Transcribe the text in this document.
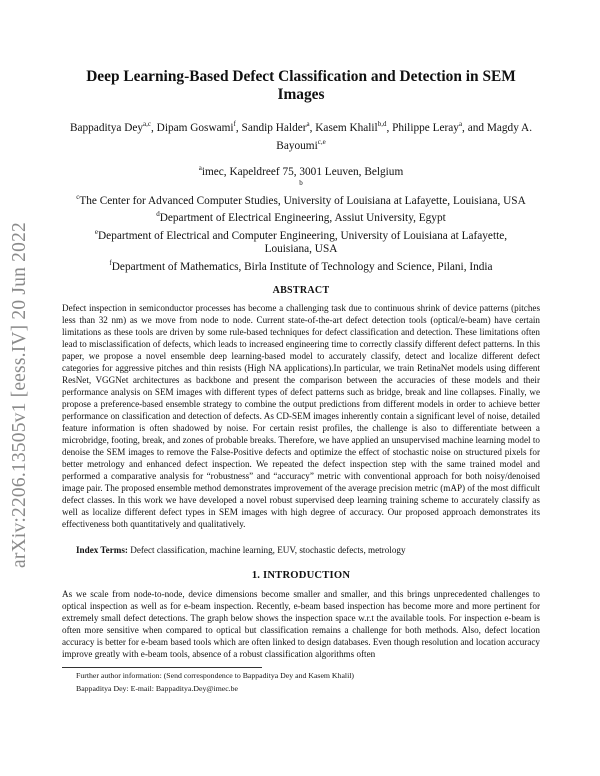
arXiv:2206.13505v1 [eess.IV] 20 Jun 2022
Deep Learning-Based Defect Classification and Detection in SEM Images
Bappaditya Dey$^{a,c}$, Dipam Goswami$^f$, Sandip Halder$^a$, Kasem Khalil$^{b,d}$, Philippe Leray$^a$, and Magdy A. Bayoumi$^{c,e}$
$^a$imec, Kapeldreef 75, 3001 Leuven, Belgium
b
$^c$The Center for Advanced Computer Studies, University of Louisiana at Lafayette, Louisiana, USA
$^d$Department of Electrical Engineering, Assiut University, Egypt
$^e$Department of Electrical and Computer Engineering, University of Louisiana at Lafayette, Louisiana, USA
$^f$Department of Mathematics, Birla Institute of Technology and Science, Pilani, India
ABSTRACT
Defect inspection in semiconductor processes has become a challenging task due to continuous shrink of device patterns (pitches less than 32 nm) as we move from node to node. Current state-of-the-art defect detection tools (optical/e-beam) have certain limitations as these tools are driven by some rule-based techniques for defect classification and detection. These limitations often lead to misclassification of defects, which leads to increased engineering time to correctly classify different defect patterns. In this paper, we propose a novel ensemble deep learning-based model to accurately classify, detect and localize different defect categories for aggressive pitches and thin resists (High NA applications).In particular, we train RetinaNet models using different ResNet, VGGNet architectures as backbone and present the comparison between the accuracies of these models and their performance analysis on SEM images with different types of defect patterns such as bridge, break and line collapses. Finally, we propose a preference-based ensemble strategy to combine the output predictions from different models in order to achieve better performance on classification and detection of defects. As CD-SEM images inherently contain a significant level of noise, detailed feature information is often shadowed by noise. For certain resist profiles, the challenge is also to differentiate between a microbridge, footing, break, and zones of probable breaks. Therefore, we have applied an unsupervised machine learning model to denoise the SEM images to remove the False-Positive defects and optimize the effect of stochastic noise on structured pixels for better metrology and enhanced defect inspection. We repeated the defect inspection step with the same trained model and performed a comparative analysis for “robustness” and “accuracy” metric with conventional approach for both noisy/denoised image pair. The proposed ensemble method demonstrates improvement of the average precision metric (mAP) of the most difficult defect classes. In this work we have developed a novel robust supervised deep learning training scheme to accurately classify as well as localize different defect types in SEM images with high degree of accuracy. Our proposed approach demonstrates its effectiveness both quantitatively and qualitatively.
Index Terms: Defect classification, machine learning, EUV, stochastic defects, metrology
1. INTRODUCTION
As we scale from node-to-node, device dimensions become smaller and smaller, and this brings unprecedented challenges to optical inspection as well as for e-beam inspection. Recently, e-beam based inspection has become more and more pertinent for extremely small defect detections. The graph below shows the inspection space w.r.t the available tools. For inspection e-beam is often more sensitive when compared to optical but classification remains a challenge for both methods. Also, defect location accuracy is better for e-beam based tools which are often linked to design databases. Even though resolution and location accuracy improve greatly with e-beam tools, absence of a robust classification algorithms often
Further author information: (Send correspondence to Bappaditya Dey and Kasem Khalil)
Bappaditya Dey: E-mail: Bappaditya.Dey@imec.be
